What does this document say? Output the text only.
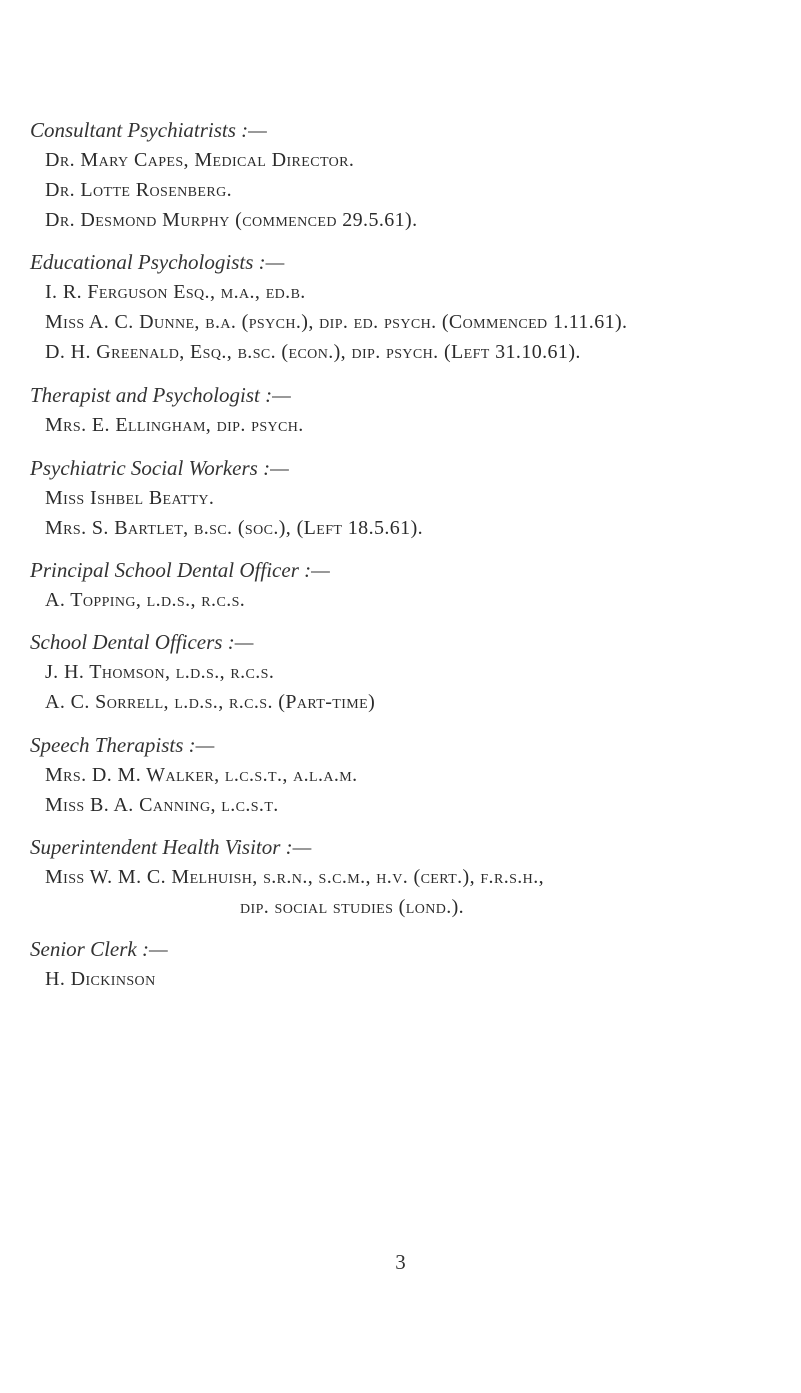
Consultant Psychiatrists :—
Dr. Mary Capes, Medical Director.
Dr. Lotte Rosenberg.
Dr. Desmond Murphy (commenced 29.5.61).
Educational Psychologists :—
I. R. Ferguson Esq., m.a., ed.b.
Miss A. C. Dunne, b.a. (psych.), dip. ed. psych. (Commenced 1.11.61).
D. H. Greenald, Esq., b.sc. (econ.), dip. psych. (Left 31.10.61).
Therapist and Psychologist :—
Mrs. E. Ellingham, dip. psych.
Psychiatric Social Workers :—
Miss Ishbel Beatty.
Mrs. S. Bartlet, b.sc. (soc.), (Left 18.5.61).
Principal School Dental Officer :—
A. Topping, l.d.s., r.c.s.
School Dental Officers :—
J. H. Thomson, l.d.s., r.c.s.
A. C. Sorrell, l.d.s., r.c.s. (Part-time)
Speech Therapists :—
Mrs. D. M. Walker, l.c.s.t., a.l.a.m.
Miss B. A. Canning, l.c.s.t.
Superintendent Health Visitor :—
Miss W. M. C. Melhuish, s.r.n., s.c.m., h.v. (cert.), f.r.s.h.,
dip. social studies (lond.).
Senior Clerk :—
H. Dickinson
3
